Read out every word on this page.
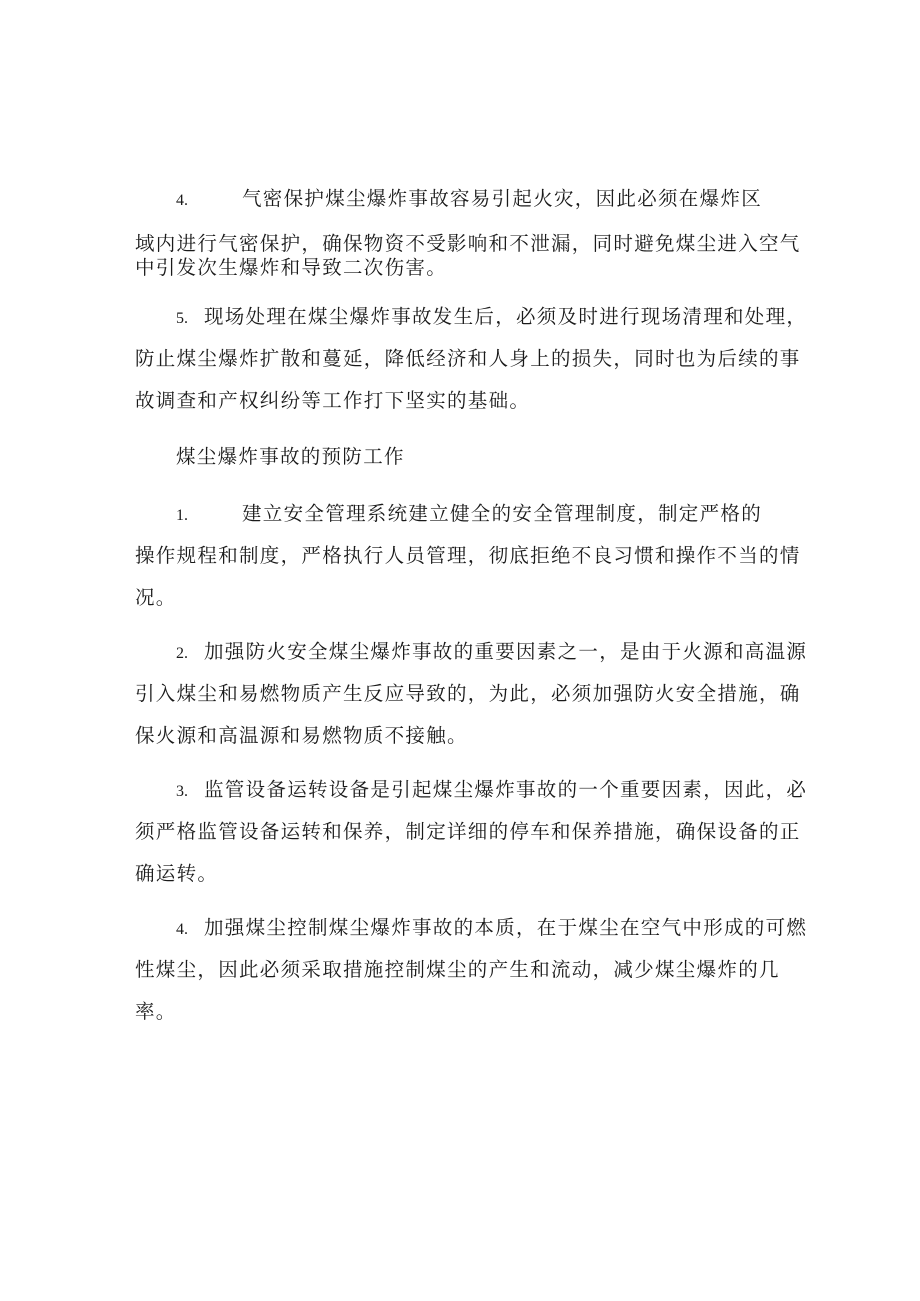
4.	气密保护煤尘爆炸事故容易引起火灾，因此必须在爆炸区
域内进行气密保护，确保物资不受影响和不泄漏，同时避免煤尘进入空气
中引发次生爆炸和导致二次伤害。
5. 现场处理在煤尘爆炸事故发生后，必须及时进行现场清理和处理，
防止煤尘爆炸扩散和蔓延，降低经济和人身上的损失，同时也为后续的事
故调查和产权纠纷等工作打下坚实的基础。
煤尘爆炸事故的预防工作
1.	建立安全管理系统建立健全的安全管理制度，制定严格的
操作规程和制度，严格执行人员管理，彻底拒绝不良习惯和操作不当的情
况。
2. 加强防火安全煤尘爆炸事故的重要因素之一，是由于火源和高温源
引入煤尘和易燃物质产生反应导致的，为此，必须加强防火安全措施，确
保火源和高温源和易燃物质不接触。
3. 监管设备运转设备是引起煤尘爆炸事故的一个重要因素，因此，必
须严格监管设备运转和保养，制定详细的停车和保养措施，确保设备的正
确运转。
4. 加强煤尘控制煤尘爆炸事故的本质，在于煤尘在空气中形成的可燃
性煤尘，因此必须采取措施控制煤尘的产生和流动，减少煤尘爆炸的几
率。
